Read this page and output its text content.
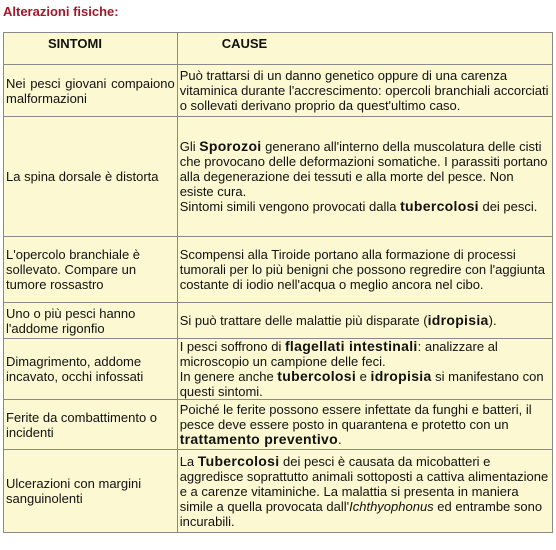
Alterazioni fisiche:
SINTOMI	CAUSE
Nei pesci giovani compaiono malformazioni	Può trattarsi di un danno genetico oppure di una carenza vitaminica durante l'accrescimento: opercoli branchiali accorciati o sollevati derivano proprio da quest'ultimo caso.
La spina dorsale è distorta	Gli Sporozoi generano all'interno della muscolatura delle cisti che provocano delle deformazioni somatiche. I parassiti portano alla degenerazione dei tessuti e alla morte del pesce. Non esiste cura.
Sintomi simili vengono provocati dalla tubercolosi dei pesci.
L'opercolo branchiale è sollevato. Compare un tumore rossastro	Scompensi alla Tiroide portano alla formazione di processi tumorali per lo più benigni che possono regredire con l'aggiunta costante di iodio nell'acqua o meglio ancora nel cibo.
Uno o più pesci hanno l'addome rigonfio	Si può trattare delle malattie più disparate (idropisia).
Dimagrimento, addome incavato, occhi infossati	I pesci soffrono di flagellati intestinali: analizzare al microscopio un campione delle feci.
In genere anche tubercolosi e idropisia si manifestano con questi sintomi.
Ferite da combattimento o incidenti	Poiché le ferite possono essere infettate da funghi e batteri, il pesce deve essere posto in quarantena e protetto con un trattamento preventivo.
Ulcerazioni con margini sanguinolenti	La Tubercolosi dei pesci è causata da micobatteri e aggredisce soprattutto animali sottoposti a cattiva alimentazione e a carenze vitaminiche. La malattia si presenta in maniera simile a quella provocata dall'Ichthyophonus ed entrambe sono incurabili.
